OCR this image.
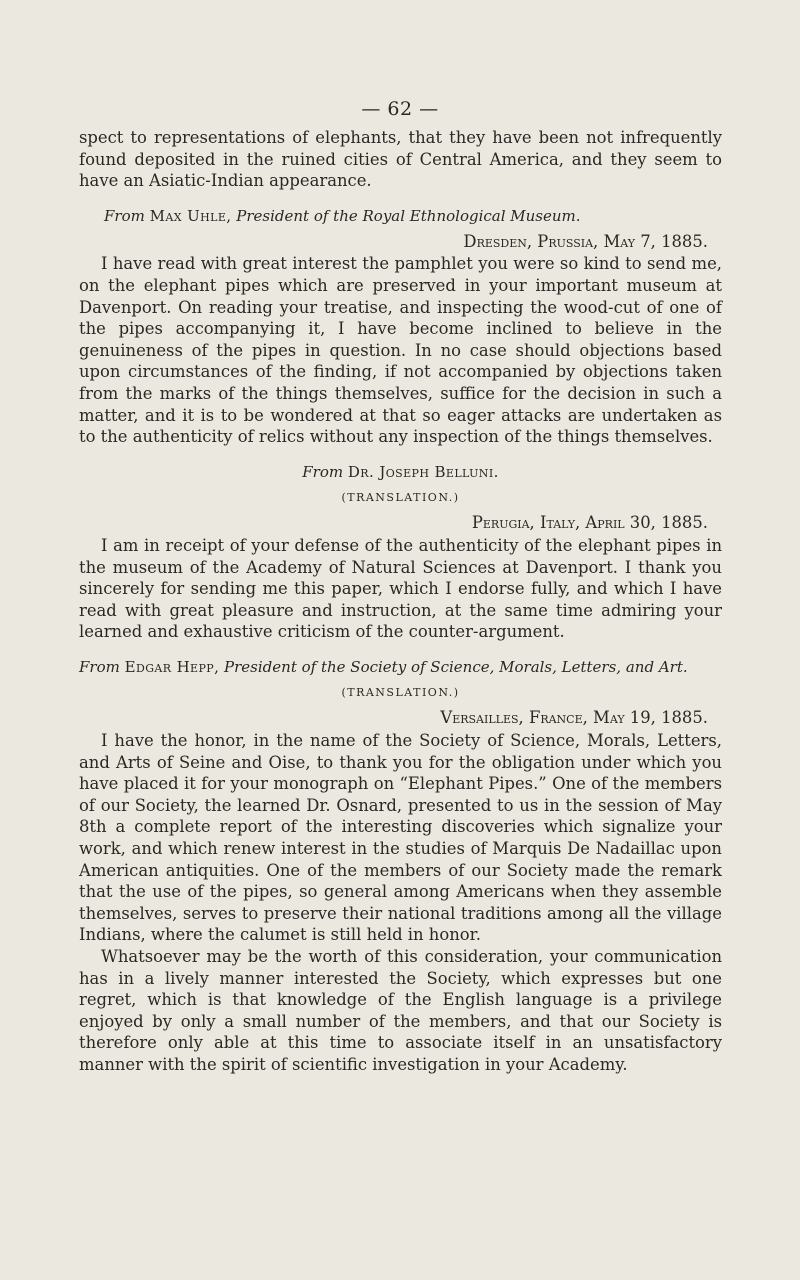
— 62 —

spect to representations of elephants, that they have been not infrequently found deposited in the ruined cities of Central America, and they seem to have an Asiatic-Indian appearance.

From Max Uhle, President of the Royal Ethnological Museum.

Dresden, Prussia, May 7, 1885.

I have read with great interest the pamphlet you were so kind to send me, on the elephant pipes which are preserved in your important museum at Davenport. On reading your treatise, and inspecting the wood-cut of one of the pipes accompanying it, I have become inclined to believe in the genuineness of the pipes in question. In no case should objections based upon circumstances of the finding, if not accompanied by objections taken from the marks of the things themselves, suffice for the decision in such a matter, and it is to be wondered at that so eager attacks are undertaken as to the authenticity of relics without any inspection of the things themselves.

From Dr. Joseph Belluni.

(TRANSLATION.)

Perugia, Italy, April 30, 1885.

I am in receipt of your defense of the authenticity of the elephant pipes in the museum of the Academy of Natural Sciences at Davenport. I thank you sincerely for sending me this paper, which I endorse fully, and which I have read with great pleasure and instruction, at the same time admiring your learned and exhaustive criticism of the counter-argument.

From Edgar Hepp, President of the Society of Science, Morals, Letters, and Art.

(TRANSLATION.)

Versailles, France, May 19, 1885.

I have the honor, in the name of the Society of Science, Morals, Letters, and Arts of Seine and Oise, to thank you for the obligation under which you have placed it for your monograph on “Elephant Pipes.” One of the members of our Society, the learned Dr. Osnard, presented to us in the session of May 8th a complete report of the interesting discoveries which signalize your work, and which renew interest in the studies of Marquis De Nadaillac upon American antiquities. One of the members of our Society made the remark that the use of the pipes, so general among Americans when they assemble themselves, serves to preserve their national traditions among all the village Indians, where the calumet is still held in honor.

Whatsoever may be the worth of this consideration, your communication has in a lively manner interested the Society, which expresses but one regret, which is that knowledge of the English language is a privilege enjoyed by only a small number of the members, and that our Society is therefore only able at this time to associate itself in an unsatisfactory manner with the spirit of scientific investigation in your Academy.
